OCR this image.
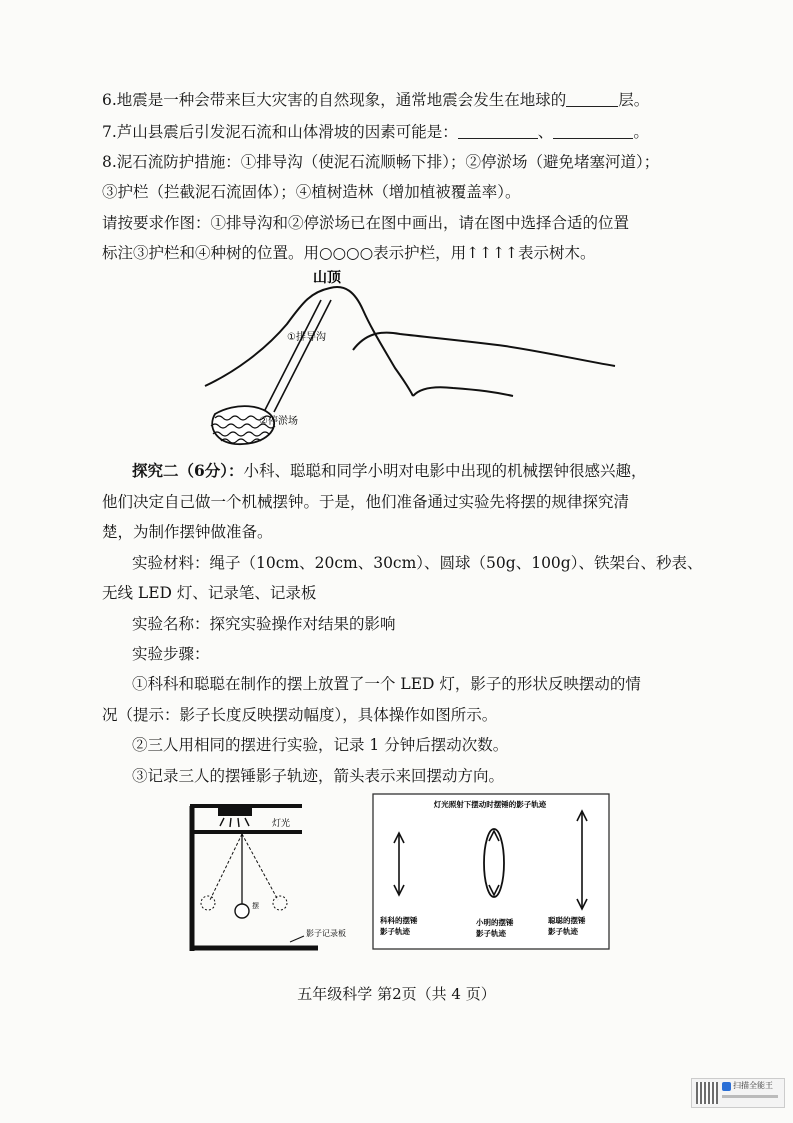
6.地震是一种会带来巨大灾害的自然现象，通常地震会发生在地球的	层。
7.芦山县震后引发泥石流和山体滑坡的因素可能是：	、	。
8.泥石流防护措施：①排导沟（使泥石流顺畅下排）；②停淤场（避免堵塞河道）；
③护栏（拦截泥石流固体）；④植树造林（增加植被覆盖率）。
请按要求作图：①排导沟和②停淤场已在图中画出，请在图中选择合适的位置
标注③护栏和④种树的位置。用○○○○表示护栏，用↑↑↑↑表示树木。
山顶
①排导沟
②停淤场
探究二（6分）：小科、聪聪和同学小明对电影中出现的机械摆钟很感兴趣，
他们决定自己做一个机械摆钟。于是，他们准备通过实验先将摆的规律探究清
楚，为制作摆钟做准备。
实验材料：绳子（10cm、20cm、30cm）、圆球（50g、100g）、铁架台、秒表、
无线 LED 灯、记录笔、记录板
实验名称：探究实验操作对结果的影响
实验步骤：
①科科和聪聪在制作的摆上放置了一个 LED 灯，影子的形状反映摆动的情
况（提示：影子长度反映摆动幅度），具体操作如图所示。
②三人用相同的摆进行实验，记录 1 分钟后摆动次数。
③记录三人的摆锤影子轨迹，箭头表示来回摆动方向。
灯光
摆
影子记录板
灯光照射下摆动时摆锤的影子轨迹
科科的摆锤
影子轨迹
小明的摆锤
影子轨迹
聪聪的摆锤
影子轨迹
五年级科学 第2页（共 4 页）
扫描全能王
